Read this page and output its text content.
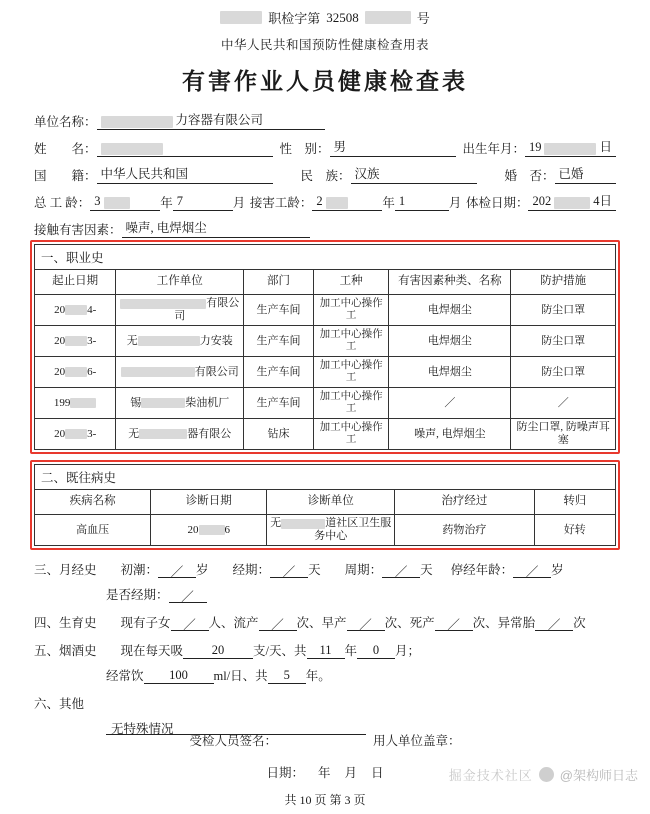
职检字第 32508	号
中华人民共和国预防性健康检查用表
有害作业人员健康检查表
单位名称：	力容器有限公司
姓　　名：	性　别： 男	出生年月： 19	日
国　　籍： 中华人民共和国	民　族： 汉族	婚　否： 已婚
总 工 龄： 3	年 7	月 接害工龄： 2	年 1	月 体检日期： 202	4日
接触有害因素： 噪声, 电焊烟尘
一、职业史
起止日期	工作单位	部门	工种	有害因素种类、名称	防护措施
20 4-	有限公司	生产车间	加工中心操作工	电焊烟尘	防尘口罩
20 3-	无 力安装	生产车间	加工中心操作工	电焊烟尘	防尘口罩
20 6-	有限公司	生产车间	加工中心操作工	电焊烟尘	防尘口罩
199	锡 柴油机厂	生产车间	加工中心操作工	／	／
20 3-	无 器有限公	钻床	加工中心操作工	噪声, 电焊烟尘	防尘口罩, 防噪声耳塞
二、既往病史
疾病名称	诊断日期	诊断单位	治疗经过	转归
高血压	20 6	无 道社区卫生服务中心	药物治疗	好转
三、月经史 初潮：	／	岁 经期：	／	天 周期：	／	天 停经年龄：	／	岁
是否经期：	／
四、生育史 现有子女	／	人、流产	／	次、早产	／	次、死产	／	次、异常胎	／	次
五、烟酒史 现在每天吸	20	支/天、共	11	年	0	月；
经常饮	100	ml/日、共	5	年。
六、其他
无特殊情况
受检人员签名：	用人单位盖章：
日期： 年 月 日
共 10 页 第 3 页
掘金技术社区 @架构师日志
